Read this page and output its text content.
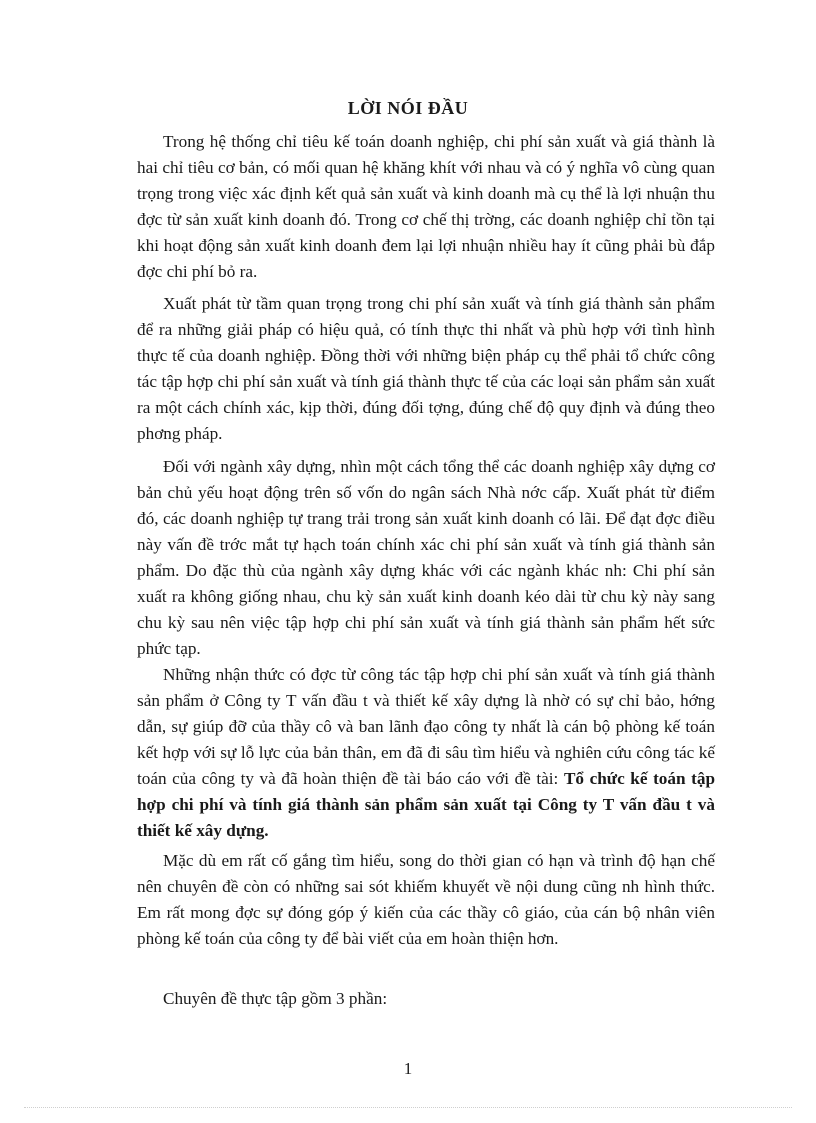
LỜI NÓI ĐẦU

Trong hệ thống chỉ tiêu kế toán doanh nghiệp, chi phí sản xuất và giá thành là hai chỉ tiêu cơ bản, có mối quan hệ khăng khít với nhau và có ý nghĩa vô cùng quan trọng trong việc xác định kết quả sản xuất và kinh doanh mà cụ thể là lợi nhuận thu đợc từ sản xuất kinh doanh đó. Trong cơ chế thị trờng, các doanh nghiệp chỉ tồn tại khi hoạt động sản xuất kinh doanh đem lại lợi nhuận nhiều hay ít cũng phải bù đắp đợc chi phí bỏ ra.

Xuất phát từ tầm quan trọng trong chi phí sản xuất và tính giá thành sản phẩm để ra những giải pháp có hiệu quả, có tính thực thi nhất và phù hợp với tình hình thực tế của doanh nghiệp. Đồng thời với những biện pháp cụ thể phải tổ chức công tác tập hợp chi phí sản xuất và tính giá thành thực tế của các loại sản phẩm sản xuất ra một cách chính xác, kịp thời, đúng đối tợng, đúng chế độ quy định và đúng theo phơng pháp.

Đối với ngành xây dựng, nhìn một cách tổng thể các doanh nghiệp xây dựng cơ bản chủ yếu hoạt động trên số vốn do ngân sách Nhà nớc cấp. Xuất phát từ điểm đó, các doanh nghiệp tự trang trải trong sản xuất kinh doanh có lãi. Để đạt đợc điều này vấn đề trớc mắt tự hạch toán chính xác chi phí sản xuất và tính giá thành sản phẩm. Do đặc thù của ngành xây dựng khác với các ngành khác nh: Chi phí sản xuất ra không giống nhau, chu kỳ sản xuất kinh doanh kéo dài từ chu kỳ này sang chu kỳ sau nên việc tập hợp chi phí sản xuất và tính giá thành sản phẩm hết sức phức tạp.

Những nhận thức có đợc từ công tác tập hợp chi phí sản xuất và tính giá thành sản phẩm ở Công ty T vấn đầu t và thiết kế xây dựng là nhờ có sự chỉ bảo, hớng dẫn, sự giúp đỡ của thầy cô và ban lãnh đạo công ty nhất là cán bộ phòng kế toán kết hợp với sự lỗ lực của bản thân, em đã đi sâu tìm hiểu và nghiên cứu công tác kế toán của công ty và đã hoàn thiện đề tài báo cáo với đề tài: Tổ chức kế toán tập hợp chi phí và tính giá thành sản phẩm sản xuất tại Công ty T vấn đầu t và thiết kế xây dựng.

Mặc dù em rất cố gắng tìm hiểu, song do thời gian có hạn và trình độ hạn chế nên chuyên đề còn có những sai sót khiếm khuyết về nội dung cũng nh hình thức. Em rất mong đợc sự đóng góp ý kiến của các thầy cô giáo, của cán bộ nhân viên phòng kế toán của công ty để bài viết của em hoàn thiện hơn.

Chuyên đề thực tập gồm 3 phần:

1
